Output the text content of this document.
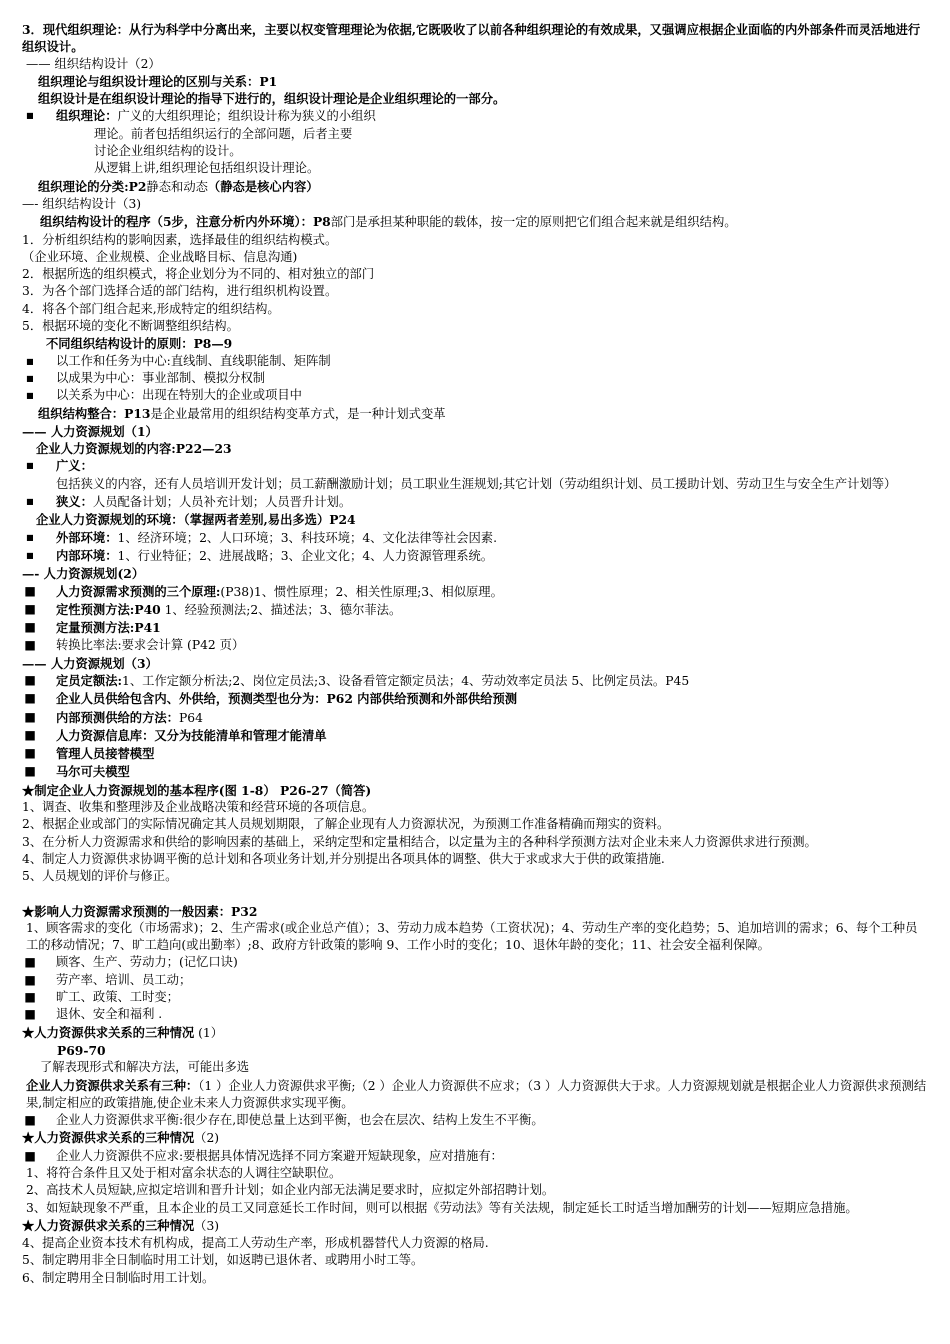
3．现代组织理论：从行为科学中分离出来，主要以权变管理理论为依据,它既吸收了以前各种组织理论的有效成果，又强调应根据企业面临的内外部条件而灵活地进行组织设计。

—— 组织结构设计（2）

组织理论与组织设计理论的区别与关系：P1

组织设计是在组织设计理论的指导下进行的，组织设计理论是企业组织理论的一部分。

▪ 组织理论：广义的大组织理论；组织设计称为狭义的小组织

理论。前者包括组织运行的全部问题，后者主要

讨论企业组织结构的设计。

从逻辑上讲,组织理论包括组织设计理论。

组织理论的分类:P2静态和动态（静态是核心内容）

—- 组织结构设计（3)

组织结构设计的程序（5步，注意分析内外环境）：P8部门是承担某种职能的载体，按一定的原则把它们组合起来就是组织结构。

1．分析组织结构的影响因素，选择最佳的组织结构模式。

（企业环境、企业规模、企业战略目标、信息沟通)

2．根据所选的组织模式，将企业划分为不同的、相对独立的部门

3．为各个部门选择合适的部门结构，进行组织机构设置。

4．将各个部门组合起来,形成特定的组织结构。

5．根据环境的变化不断调整组织结构。

不同组织结构设计的原则：P8—9

▪ 以工作和任务为中心:直线制、直线职能制、矩阵制

▪ 以成果为中心：事业部制、模拟分权制

▪ 以关系为中心：出现在特别大的企业或项目中

组织结构整合：P13是企业最常用的组织结构变革方式，是一种计划式变革

—— 人力资源规划（1）

企业人力资源规划的内容:P22—23

▪ 广义：包括狭义的内容，还有人员培训开发计划；员工薪酬激励计划；员工职业生涯规划;其它计划（劳动组织计划、员工援助计划、劳动卫生与安全生产计划等）

▪ 狭义：人员配备计划；人员补充计划；人员晋升计划。

企业人力资源规划的环境：（掌握两者差别,易出多选）P24

▪ 外部环境：1、经济环境；2、人口环境；3、科技环境；4、文化法律等社会因素.

▪ 内部环境：1、行业特征；2、进展战略；3、企业文化；4、人力资源管理系统。

—- 人力资源规划(2）

■ 人力资源需求预测的三个原理:(P38)1、惯性原理；2、相关性原理;3、相似原理。

■ 定性预测方法:P40 1、经验预测法;2、描述法；3、德尔菲法。

■ 定量预测方法:P41

■ 转换比率法:要求会计算 (P42 页）

—— 人力资源规划（3）

■ 定员定额法:1、工作定额分析法;2、岗位定员法;3、设备看管定额定员法；4、劳动效率定员法 5、比例定员法。P45

■ 企业人员供给包含内、外供给，预测类型也分为：P62 内部供给预测和外部供给预测

■ 内部预测供给的方法：P64

■ 人力资源信息库：又分为技能清单和管理才能清单

■ 管理人员接替模型

■ 马尔可夫模型

★制定企业人力资源规划的基本程序(图 1-8） P26-27（简答)

1、调查、收集和整理涉及企业战略决策和经营环境的各项信息。

2、根据企业或部门的实际情况确定其人员规划期限，了解企业现有人力资源状况，为预测工作准备精确而翔实的资料。

3、在分析人力资源需求和供给的影响因素的基础上，采纳定型和定量相结合，以定量为主的各种科学预测方法对企业未来人力资源供求进行预测。

4、制定人力资源供求协调平衡的总计划和各项业务计划,并分别提出各项具体的调整、供大于求或求大于供的政策措施.

5、人员规划的评价与修正。

★影响人力资源需求预测的一般因素：P32

1、顾客需求的变化（市场需求)；2、生产需求(或企业总产值）；3、劳动力成本趋势（工资状况)；4、劳动生产率的变化趋势；5、追加培训的需求；6、每个工种员工的移动情况；7、旷工趋向(或出勤率）;8、政府方针政策的影响 9、工作小时的变化；10、退休年龄的变化；11、社会安全福利保障。

■ 顾客、生产、劳动力；(记忆口诀)

■ 劳产率、培训、员工动；

■ 旷工、政策、工时变；

■ 退休、安全和福利 .

★人力资源供求关系的三种情况 (1）

P69-70

了解表现形式和解决方法，可能出多选

企业人力资源供求关系有三种：（1 ）企业人力资源供求平衡;（2 ）企业人力资源供不应求；（3 ）人力资源供大于求。人力资源规划就是根据企业人力资源供求预测结果,制定相应的政策措施,使企业未来人力资源供求实现平衡。

■ 企业人力资源供求平衡:很少存在,即使总量上达到平衡，也会在层次、结构上发生不平衡。

★人力资源供求关系的三种情况（2)

■ 企业人力资源供不应求:要根据具体情况选择不同方案避开短缺现象，应对措施有：

1、将符合条件且又处于相对富余状态的人调往空缺职位。

2、高技术人员短缺,应拟定培训和晋升计划；如企业内部无法满足要求时，应拟定外部招聘计划。

3、如短缺现象不严重，且本企业的员工又同意延长工作时间，则可以根据《劳动法》等有关法规，制定延长工时适当增加酬劳的计划——短期应急措施。

★人力资源供求关系的三种情况（3)

4、提高企业资本技术有机构成，提高工人劳动生产率，形成机器替代人力资源的格局.

5、制定聘用非全日制临时用工计划，如返聘已退休者、或聘用小时工等。

6、制定聘用全日制临时用工计划。
